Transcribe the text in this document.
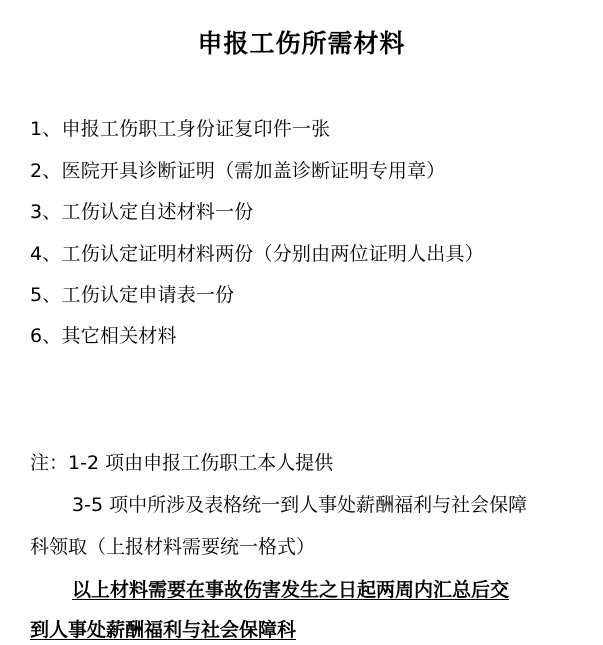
申报工伤所需材料
1、申报工伤职工身份证复印件一张
2、医院开具诊断证明（需加盖诊断证明专用章）
3、工伤认定自述材料一份
4、工伤认定证明材料两份（分别由两位证明人出具）
5、工伤认定申请表一份
6、其它相关材料
注：1-2 项由申报工伤职工本人提供
3-5 项中所涉及表格统一到人事处薪酬福利与社会保障
科领取（上报材料需要统一格式）
以上材料需要在事故伤害发生之日起两周内汇总后交
到人事处薪酬福利与社会保障科
